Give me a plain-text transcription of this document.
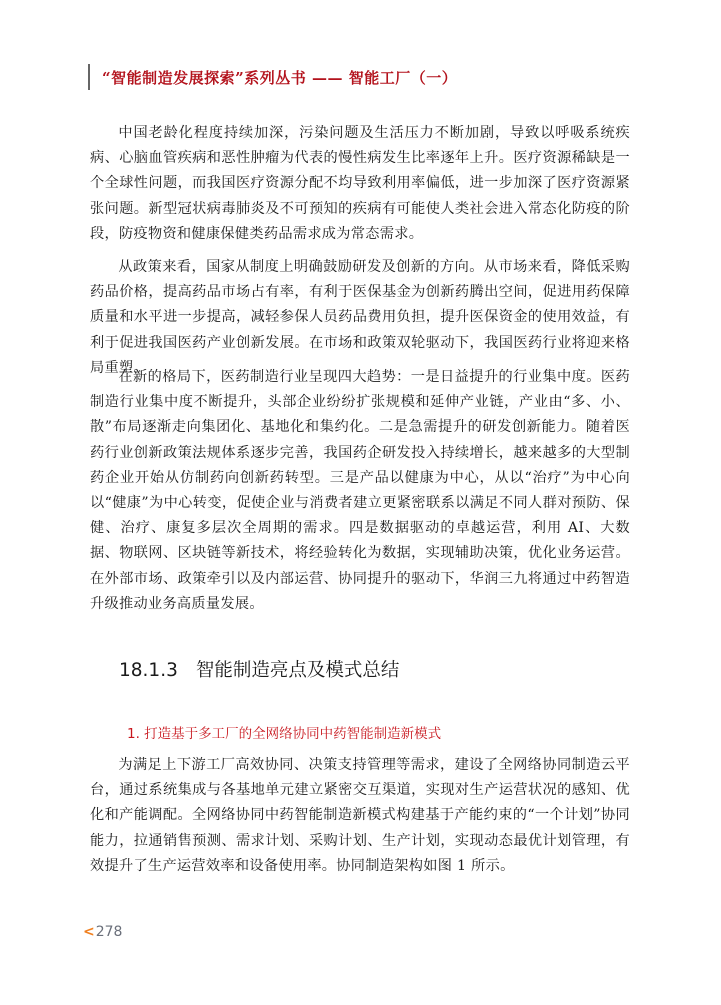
“智能制造发展探索”系列丛书 —— 智能工厂（一）

中国老龄化程度持续加深，污染问题及生活压力不断加剧，导致以呼吸系统疾病、心脑血管疾病和恶性肿瘤为代表的慢性病发生比率逐年上升。医疗资源稀缺是一个全球性问题，而我国医疗资源分配不均导致利用率偏低，进一步加深了医疗资源紧张问题。新型冠状病毒肺炎及不可预知的疾病有可能使人类社会进入常态化防疫的阶段，防疫物资和健康保健类药品需求成为常态需求。

从政策来看，国家从制度上明确鼓励研发及创新的方向。从市场来看，降低采购药品价格，提高药品市场占有率，有利于医保基金为创新药腾出空间，促进用药保障质量和水平进一步提高，减轻参保人员药品费用负担，提升医保资金的使用效益，有利于促进我国医药产业创新发展。在市场和政策双轮驱动下，我国医药行业将迎来格局重塑。

在新的格局下，医药制造行业呈现四大趋势：一是日益提升的行业集中度。医药制造行业集中度不断提升，头部企业纷纷扩张规模和延伸产业链，产业由“多、小、散”布局逐渐走向集团化、基地化和集约化。二是急需提升的研发创新能力。随着医药行业创新政策法规体系逐步完善，我国药企研发投入持续增长，越来越多的大型制药企业开始从仿制药向创新药转型。三是产品以健康为中心，从以“治疗”为中心向以“健康”为中心转变，促使企业与消费者建立更紧密联系以满足不同人群对预防、保健、治疗、康复多层次全周期的需求。四是数据驱动的卓越运营，利用 AI、大数据、物联网、区块链等新技术，将经验转化为数据，实现辅助决策，优化业务运营。在外部市场、政策牵引以及内部运营、协同提升的驱动下，华润三九将通过中药智造升级推动业务高质量发展。

18.1.3 智能制造亮点及模式总结
1. 打造基于多工厂的全网络协同中药智能制造新模式

为满足上下游工厂高效协同、决策支持管理等需求，建设了全网络协同制造云平台，通过系统集成与各基地单元建立紧密交互渠道，实现对生产运营状况的感知、优化和产能调配。全网络协同中药智能制造新模式构建基于产能约束的“一个计划”协同能力，拉通销售预测、需求计划、采购计划、生产计划，实现动态最优计划管理，有效提升了生产运营效率和设备使用率。协同制造架构如图 1 所示。

< 278
